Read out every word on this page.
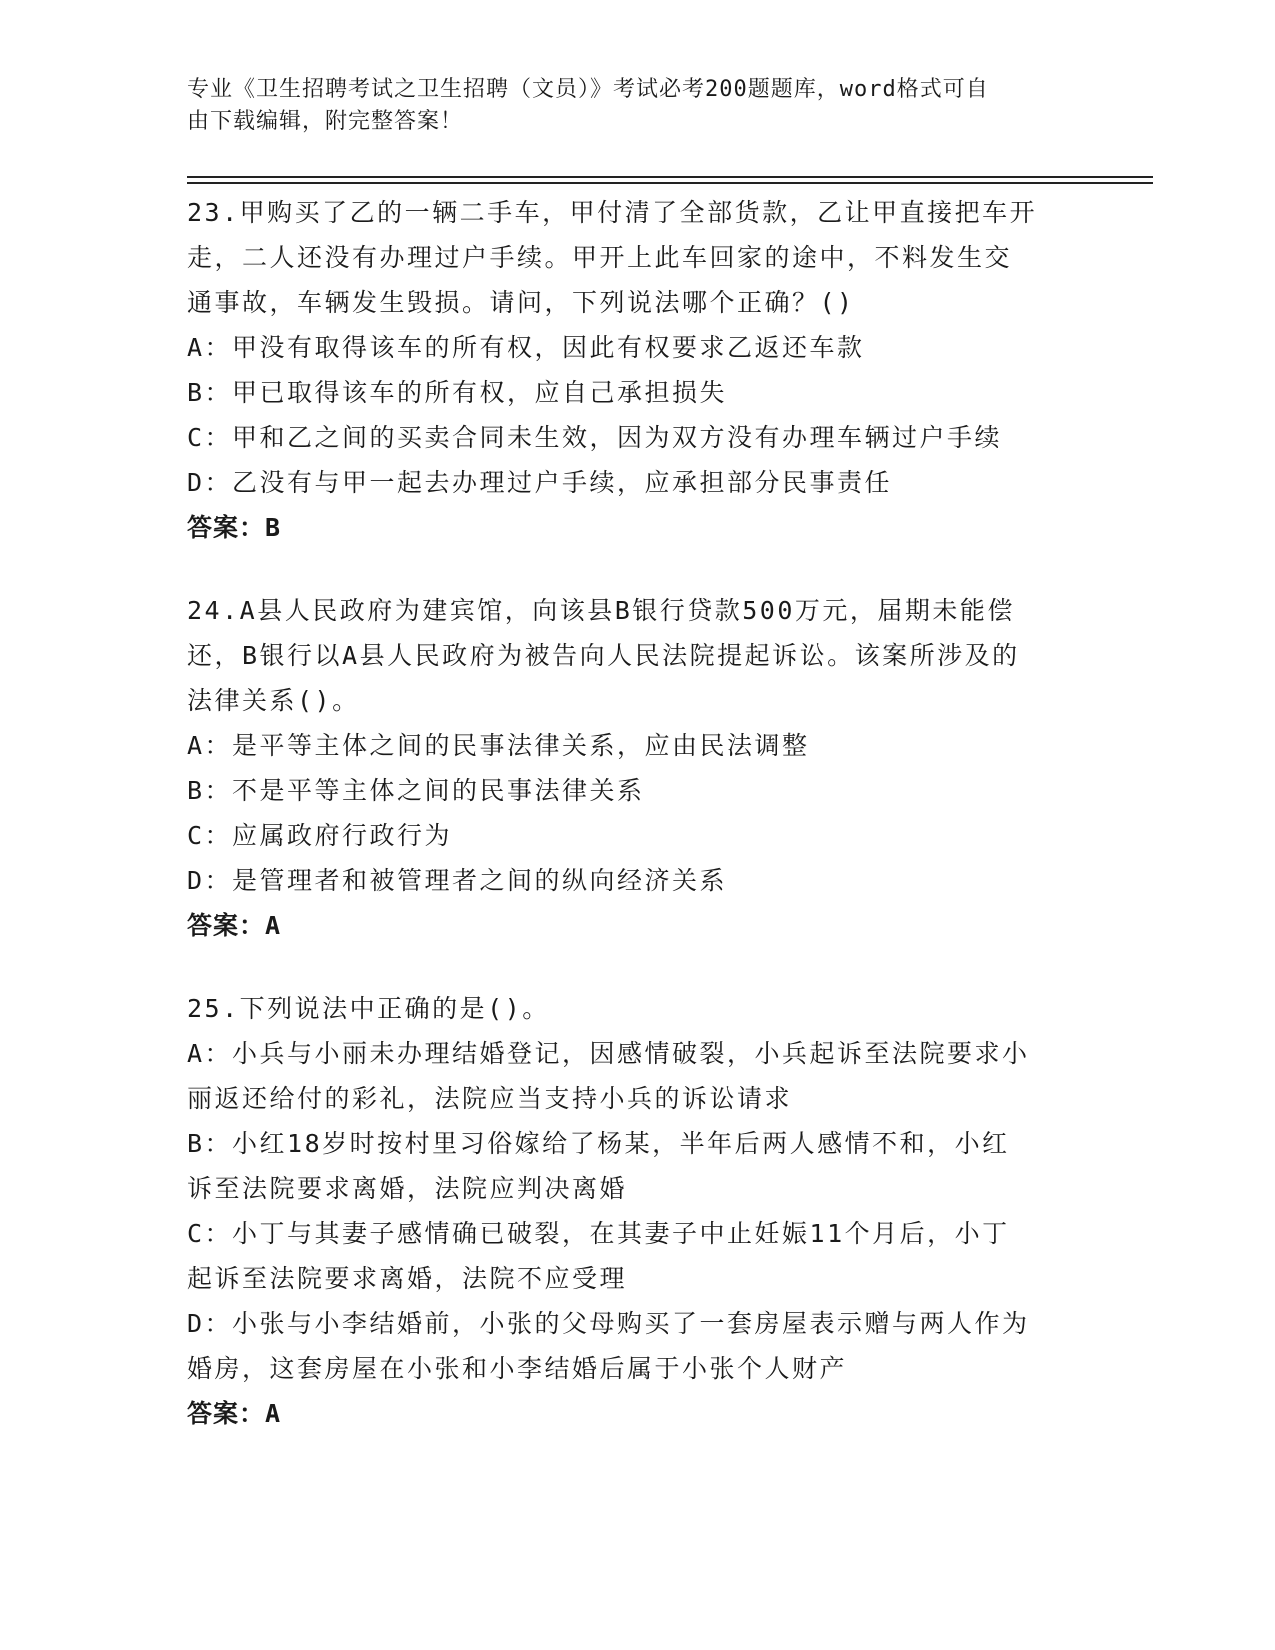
专业《卫生招聘考试之卫生招聘（文员）》考试必考200题题库，word格式可自
由下载编辑，附完整答案！
23.甲购买了乙的一辆二手车，甲付清了全部货款，乙让甲直接把车开
走，二人还没有办理过户手续。甲开上此车回家的途中，不料发生交
通事故，车辆发生毁损。请问，下列说法哪个正确？()
A：甲没有取得该车的所有权，因此有权要求乙返还车款
B：甲已取得该车的所有权，应自己承担损失
C：甲和乙之间的买卖合同未生效，因为双方没有办理车辆过户手续
D：乙没有与甲一起去办理过户手续，应承担部分民事责任
答案：B
24.A县人民政府为建宾馆，向该县B银行贷款500万元，届期未能偿
还，B银行以A县人民政府为被告向人民法院提起诉讼。该案所涉及的
法律关系()。
A：是平等主体之间的民事法律关系，应由民法调整
B：不是平等主体之间的民事法律关系
C：应属政府行政行为
D：是管理者和被管理者之间的纵向经济关系
答案：A
25.下列说法中正确的是()。
A：小兵与小丽未办理结婚登记，因感情破裂，小兵起诉至法院要求小
丽返还给付的彩礼，法院应当支持小兵的诉讼请求
B：小红18岁时按村里习俗嫁给了杨某，半年后两人感情不和，小红
诉至法院要求离婚，法院应判决离婚
C：小丁与其妻子感情确已破裂，在其妻子中止妊娠11个月后，小丁
起诉至法院要求离婚，法院不应受理
D：小张与小李结婚前，小张的父母购买了一套房屋表示赠与两人作为
婚房，这套房屋在小张和小李结婚后属于小张个人财产
答案：A
